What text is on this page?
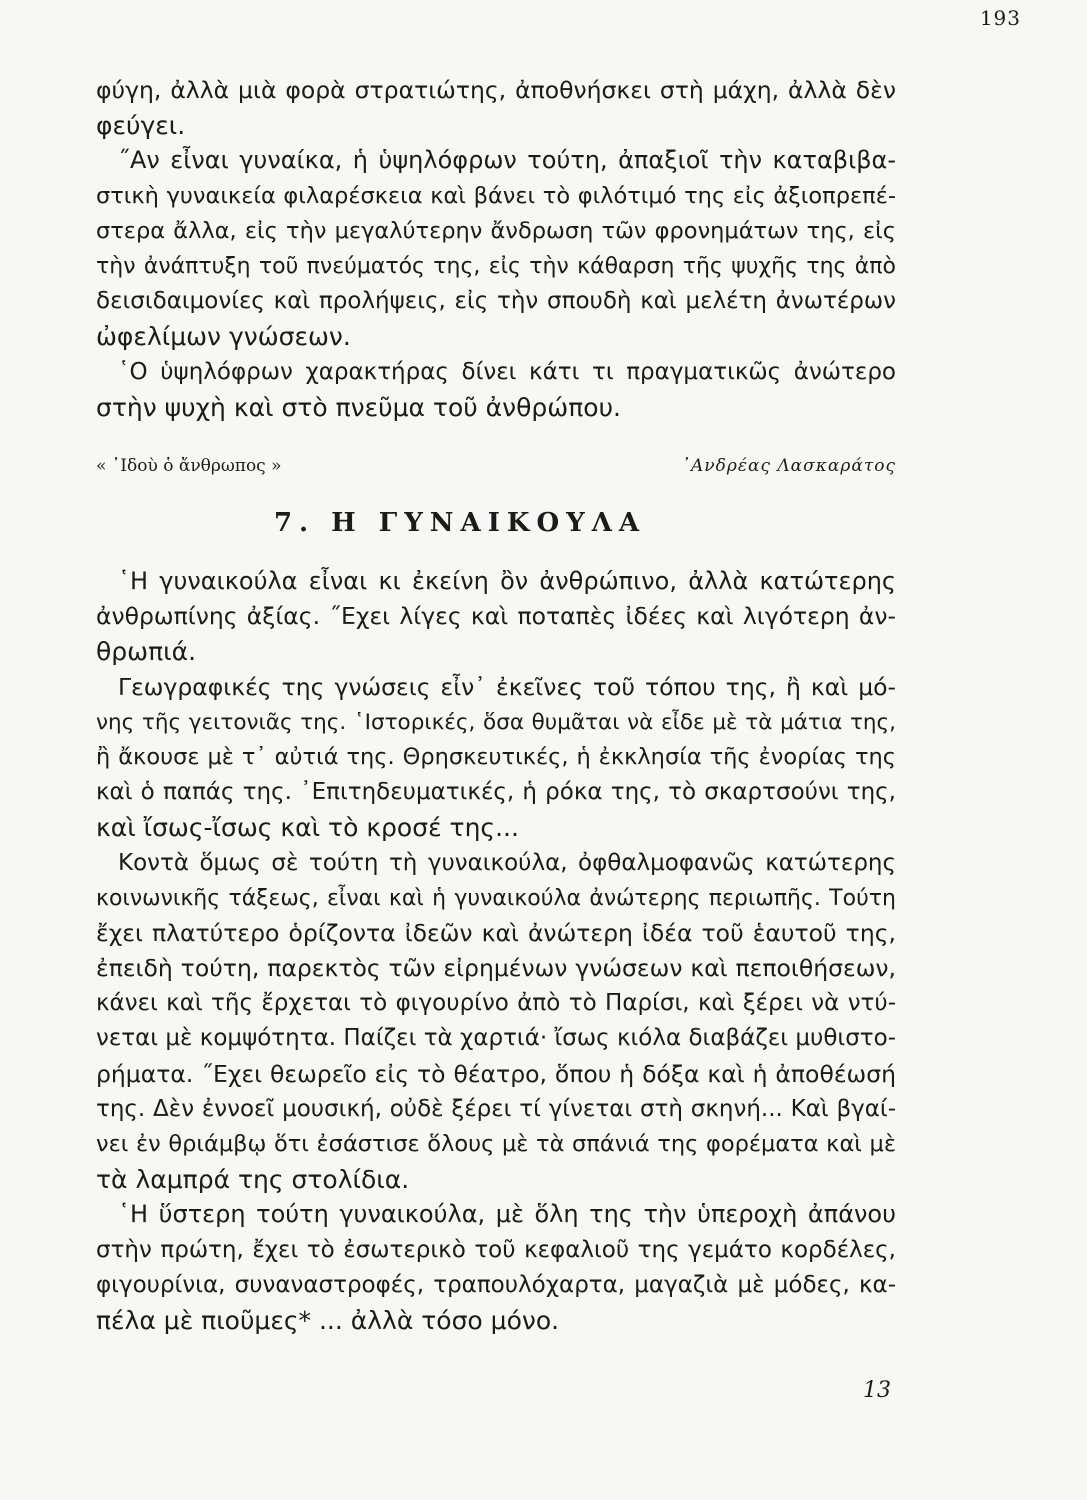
193
φύγη, ἀλλὰ μιὰ φορὰ στρατιώτης, ἀποθνήσκει στὴ μάχη, ἀλλὰ δὲν
φεύγει.
˝Αν εἶναι γυναίκα, ἡ ὑψηλόφρων τούτη, ἀπαξιοῖ τὴν καταβιβα-
στικὴ γυναικεία φιλαρέσκεια καὶ βάνει τὸ φιλότιμό της εἰς ἀξιοπρεπέ-
στερα ἄλλα, εἰς τὴν μεγαλύτερην ἄνδρωση τῶν φρονημάτων της, εἰς
τὴν ἀνάπτυξη τοῦ πνεύματός της, εἰς τὴν κάθαρση τῆς ψυχῆς της ἀπὸ
δεισιδαιμονίες καὶ προλήψεις, εἰς τὴν σπουδὴ καὶ μελέτη ἀνωτέρων
ὠφελίμων γνώσεων.
῾Ο ὑψηλόφρων χαρακτήρας δίνει κάτι τι πραγματικῶς ἀνώτερο
στὴν ψυχὴ καὶ στὸ πνεῦμα τοῦ ἀνθρώπου.
« ᾿Ιδοὺ ὁ ἄνθρωπος »	᾿Ανδρέας Λασκαράτος
7. Η ΓΥΝΑΙΚΟΥΛΑ
῾Η γυναικούλα εἶναι κι ἐκείνη ὂν ἀνθρώπινο, ἀλλὰ κατώτερης
ἀνθρωπίνης ἀξίας. ˝Εχει λίγες καὶ ποταπὲς ἰδέες καὶ λιγότερη ἀν-
θρωπιά.
Γεωγραφικές της γνώσεις εἶν᾿ ἐκεῖνες τοῦ τόπου της, ἢ καὶ μό-
νης τῆς γειτονιᾶς της. ῾Ιστορικές, ὅσα θυμᾶται νὰ εἶδε μὲ τὰ μάτια της,
ἢ ἄκουσε μὲ τ᾿ αὐτιά της. Θρησκευτικές, ἡ ἐκκλησία τῆς ἐνορίας της
καὶ ὁ παπάς της. ᾿Επιτηδευματικές, ἡ ρόκα της, τὸ σκαρτσούνι της,
καὶ ἴσως-ἴσως καὶ τὸ κροσέ της...
Κοντὰ ὅμως σὲ τούτη τὴ γυναικούλα, ὀφθαλμοφανῶς κατώτερης
κοινωνικῆς τάξεως, εἶναι καὶ ἡ γυναικούλα ἀνώτερης περιωπῆς. Τούτη
ἔχει πλατύτερο ὁρίζοντα ἰδεῶν καὶ ἀνώτερη ἰδέα τοῦ ἑαυτοῦ της,
ἐπειδὴ τούτη, παρεκτὸς τῶν εἰρημένων γνώσεων καὶ πεποιθήσεων,
κάνει καὶ τῆς ἔρχεται τὸ φιγουρίνο ἀπὸ τὸ Παρίσι, καὶ ξέρει νὰ ντύ-
νεται μὲ κομψότητα. Παίζει τὰ χαρτιά· ἴσως κιόλα διαβάζει μυθιστο-
ρήματα. ˝Εχει θεωρεῖο εἰς τὸ θέατρο, ὅπου ἡ δόξα καὶ ἡ ἀποθέωσή
της. Δὲν ἐννοεῖ μουσική, οὐδὲ ξέρει τί γίνεται στὴ σκηνή... Καὶ βγαί-
νει ἐν θριάμβῳ ὅτι ἐσάστισε ὅλους μὲ τὰ σπάνιά της φορέματα καὶ μὲ
τὰ λαμπρά της στολίδια.
῾Η ὕστερη τούτη γυναικούλα, μὲ ὅλη της τὴν ὑπεροχὴ ἀπάνου
στὴν πρώτη, ἔχει τὸ ἐσωτερικὸ τοῦ κεφαλιοῦ της γεμάτο κορδέλες,
φιγουρίνια, συναναστροφές, τραπουλόχαρτα, μαγαζιὰ μὲ μόδες, κα-
πέλα μὲ πιοῦμες* ... ἀλλὰ τόσο μόνο.
13
